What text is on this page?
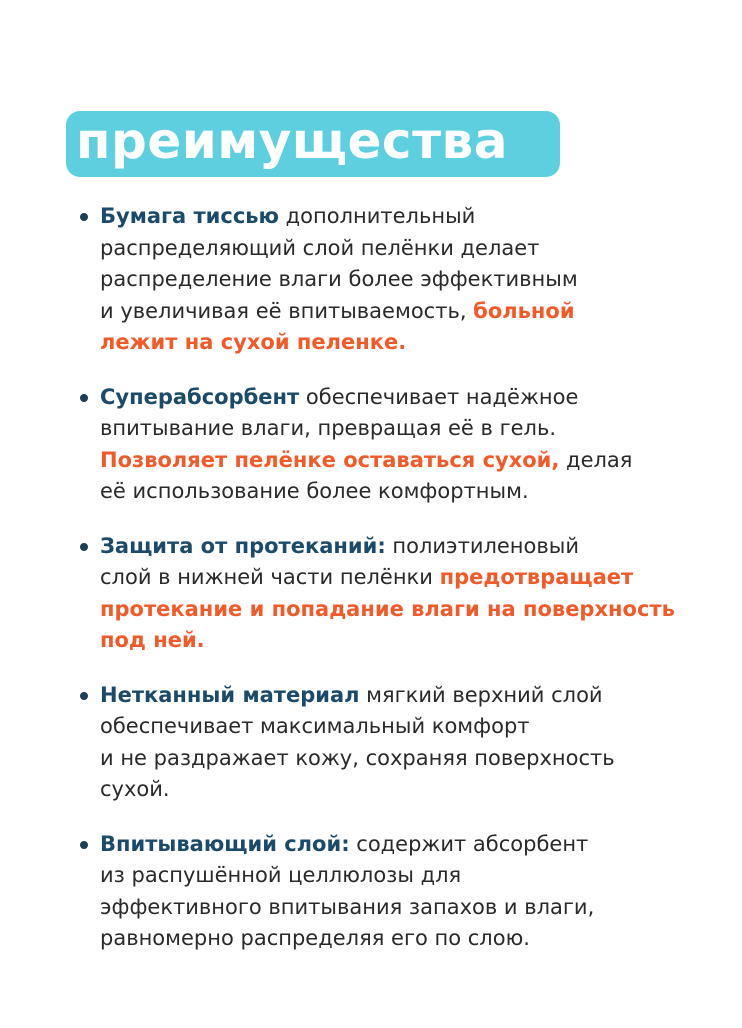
преимущества
Бумага тиссью дополнительный
распределяющий слой пелёнки делает
распределение влаги более эффективным
и увеличивая её впитываемость, больной
лежит на сухой пеленке.
Суперабсорбент обеспечивает надёжное
впитывание влаги, превращая её в гель.
Позволяет пелёнке оставаться сухой, делая
её использование более комфортным.
Защита от протеканий: полиэтиленовый
слой в нижней части пелёнки предотвращает
протекание и попадание влаги на поверхность
под ней.
Нетканный материал мягкий верхний слой
обеспечивает максимальный комфорт
и не раздражает кожу, сохраняя поверхность
сухой.
Впитывающий слой: содержит абсорбент
из распушённой целлюлозы для
эффективного впитывания запахов и влаги,
равномерно распределяя его по слою.
